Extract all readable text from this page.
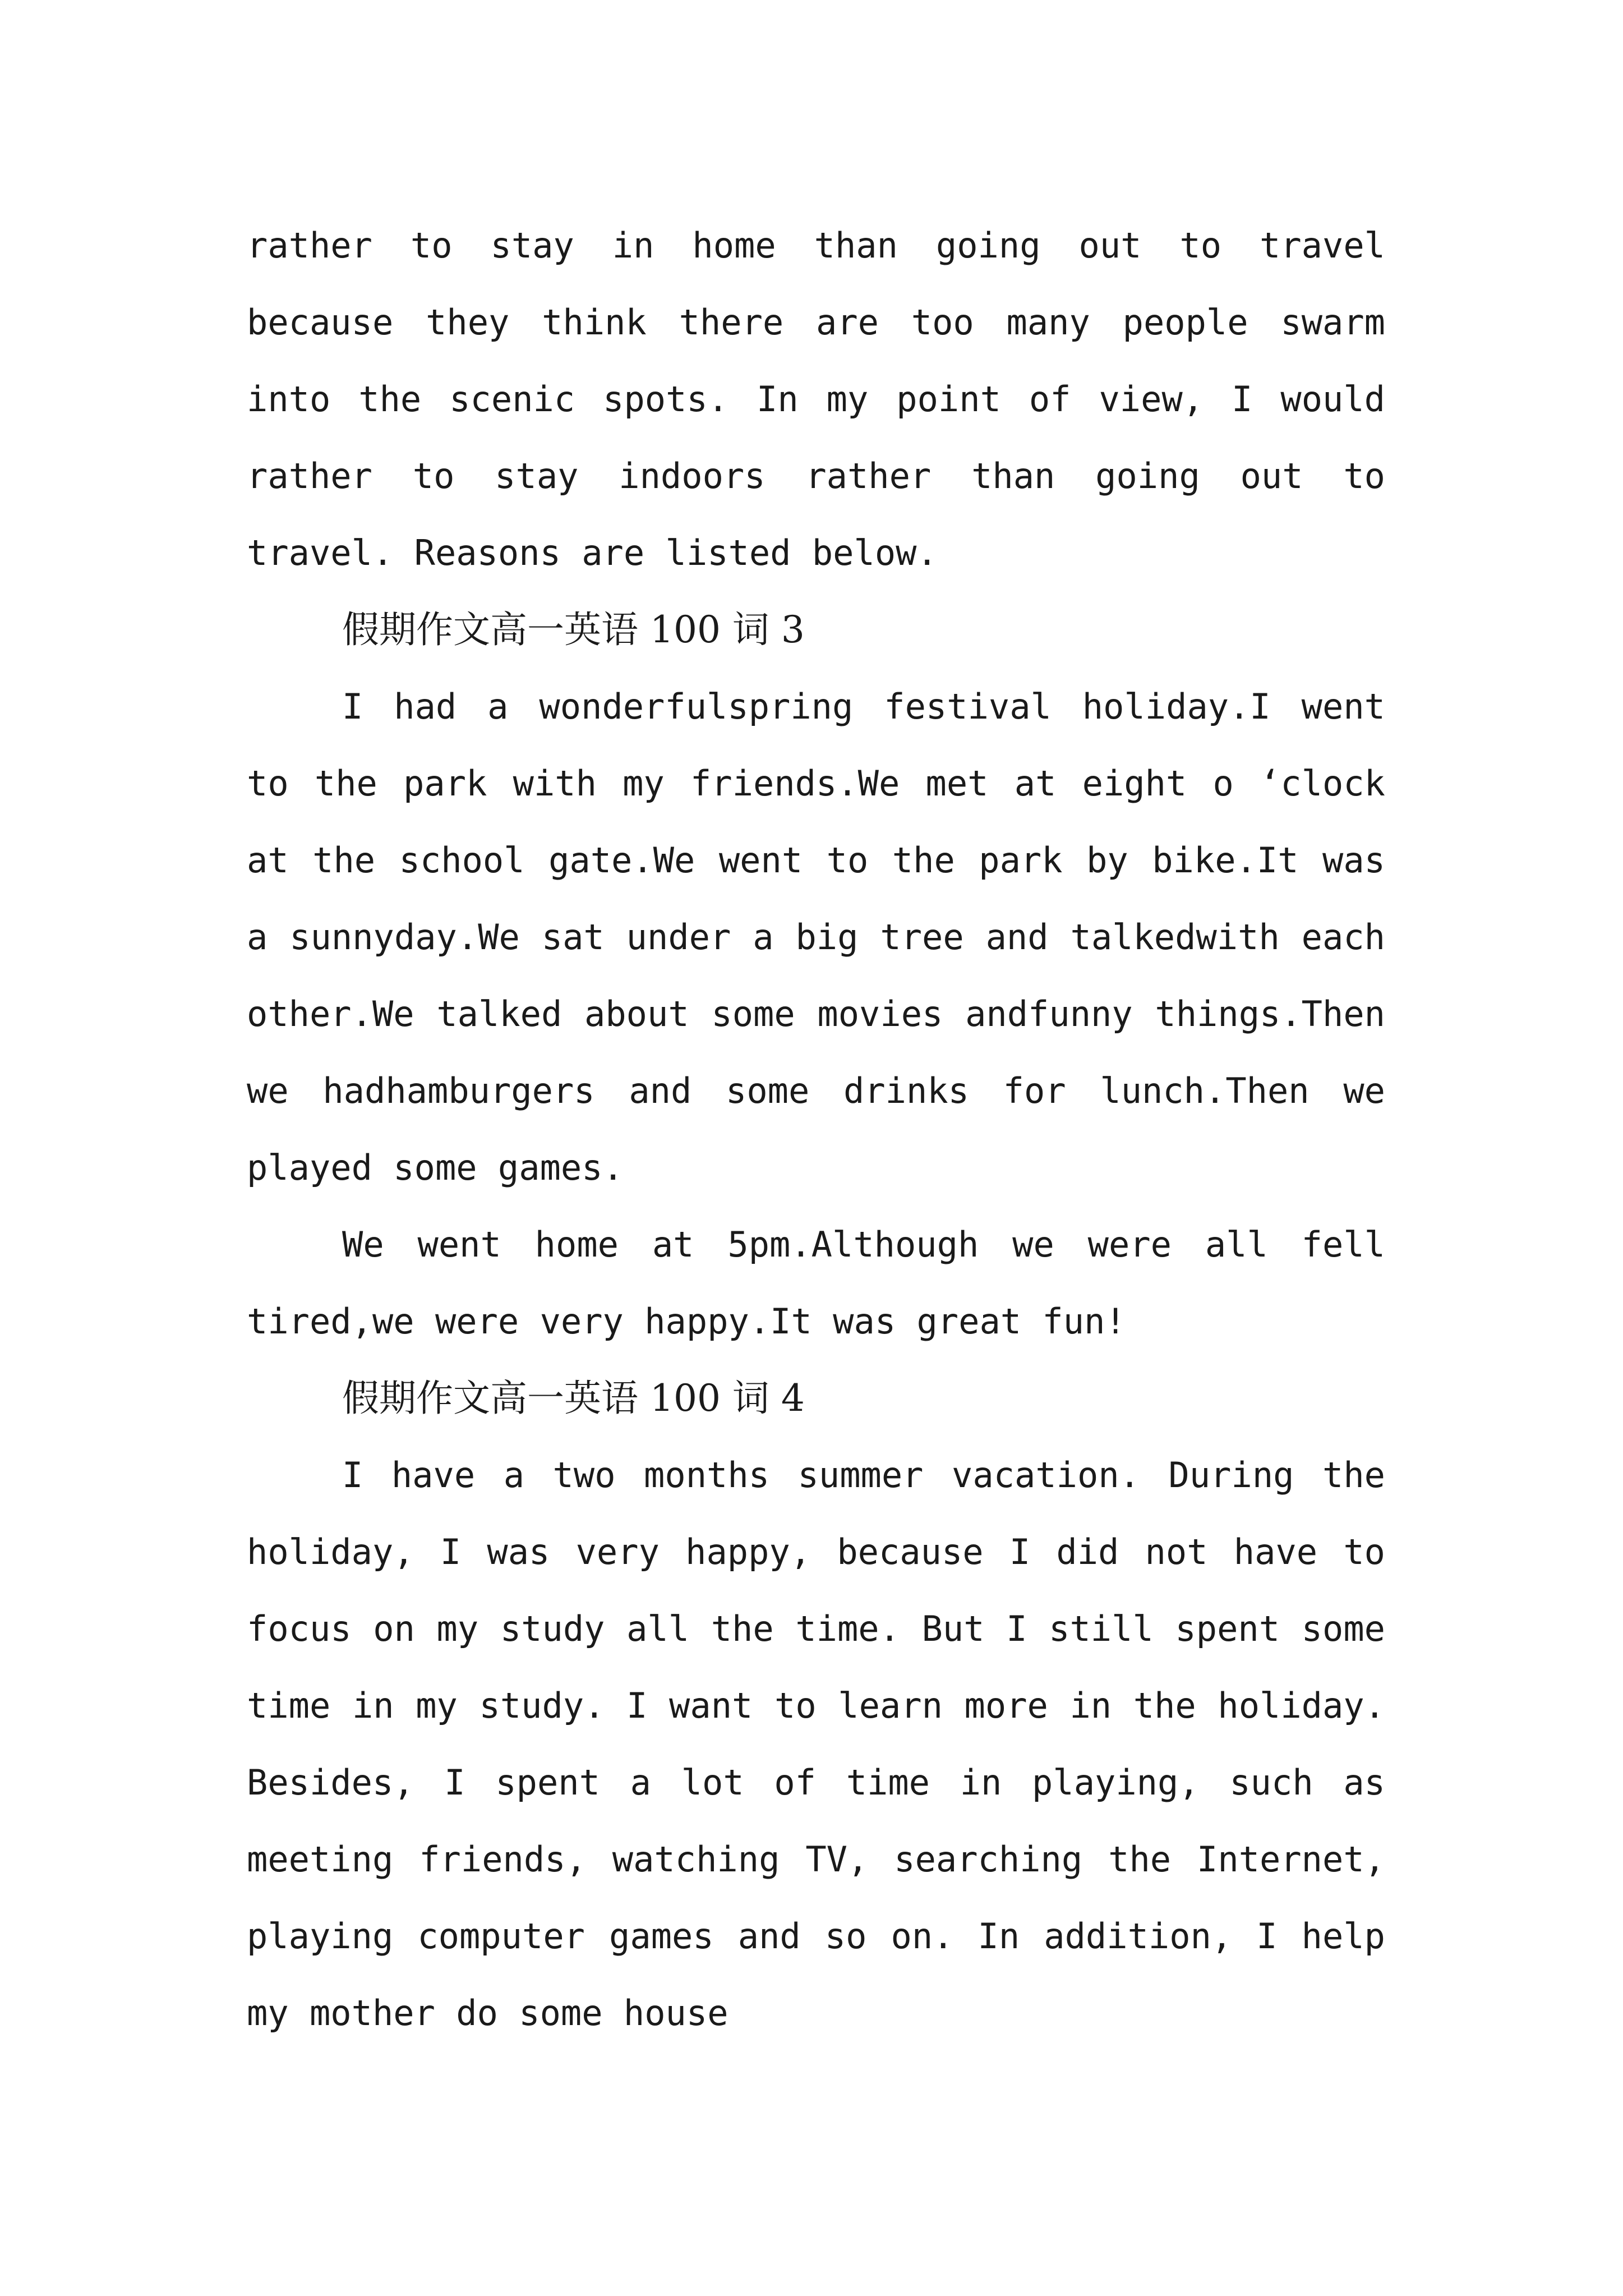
rather to stay in home than going out to travel because they think there are too many people swarm into the scenic spots. In my point of view, I would rather to stay indoors rather than going out to travel. Reasons are listed below.

假期作文高一英语 100 词 3

I had a wonderfulspring festival holiday.I went to the park with my friends.We met at eight o ‘clock at the school gate.We went to the park by bike.It was a sunnyday.We sat under a big tree and talkedwith each other.We talked about some movies andfunny things.Then we hadhamburgers and some drinks for lunch.Then we played some games.

We went home at 5pm.Although we were all fell tired,we were very happy.It was great fun!

假期作文高一英语 100 词 4

I have a two months summer vacation. During the holiday, I was very happy, because I did not have to focus on my study all the time. But I still spent some time in my study. I want to learn more in the holiday. Besides, I spent a lot of time in playing, such as meeting friends, watching TV, searching the Internet, playing computer games and so on. In addition, I help my mother do some house
